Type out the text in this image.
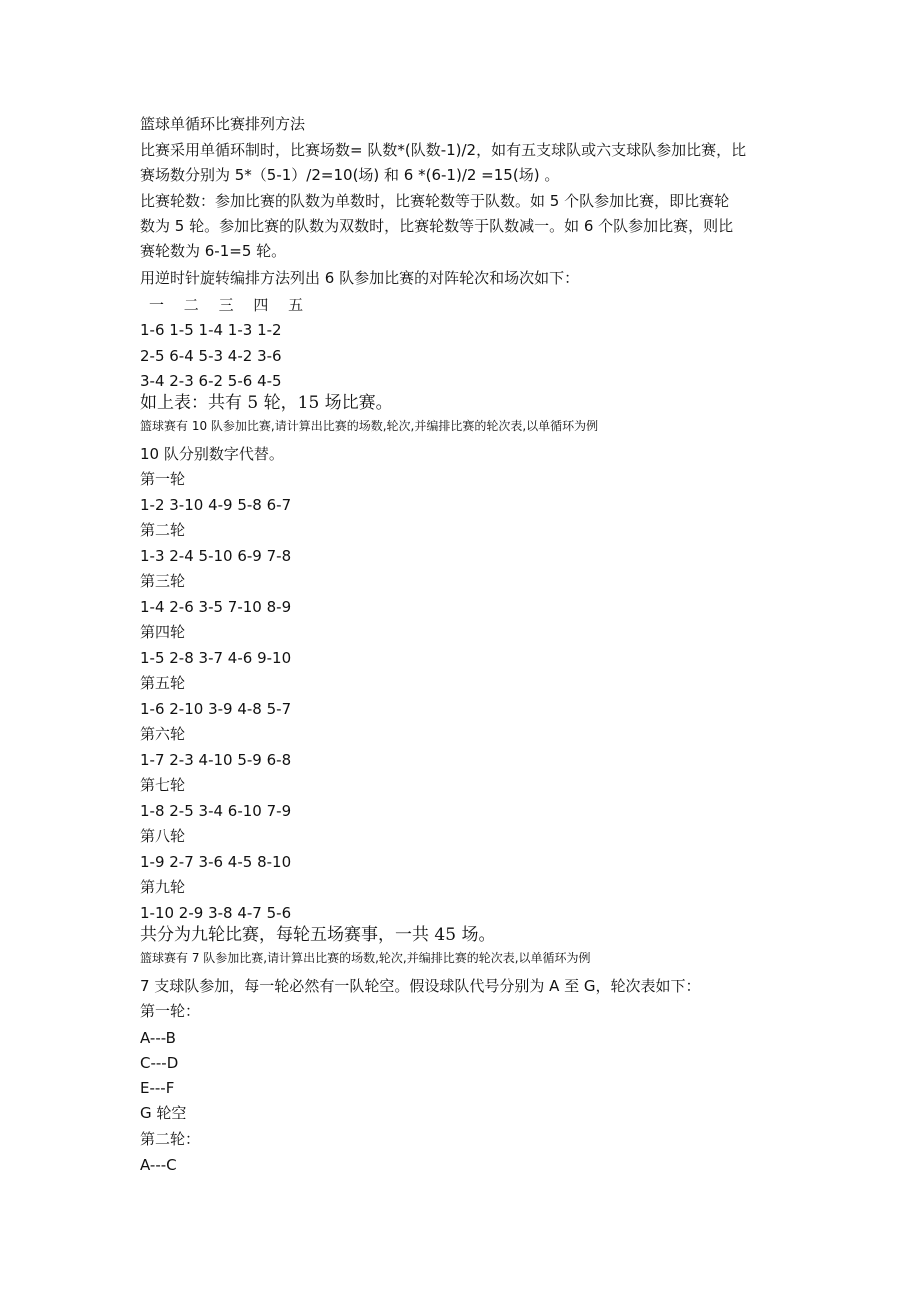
篮球单循环比赛排列方法
比赛采用单循环制时，比赛场数= 队数*(队数-1)/2，如有五支球队或六支球队参加比赛，比
赛场数分别为 5*（5-1）/2=10(场) 和 6 *(6-1)/2 =15(场) 。
比赛轮数：参加比赛的队数为单数时，比赛轮数等于队数。如 5 个队参加比赛，即比赛轮
数为 5 轮。参加比赛的队数为双数时，比赛轮数等于队数减一。如 6 个队参加比赛，则比
赛轮数为 6-1=5 轮。
用逆时针旋转编排方法列出 6 队参加比赛的对阵轮次和场次如下：
一 二 三 四 五
1-6 1-5 1-4 1-3 1-2
2-5 6-4 5-3 4-2 3-6
3-4 2-3 6-2 5-6 4-5
如上表：共有 5 轮，15 场比赛。
篮球赛有 10 队参加比赛,请计算出比赛的场数,轮次,并编排比赛的轮次表,以单循环为例
10 队分别数字代替。
第一轮
1-2 3-10 4-9 5-8 6-7
第二轮
1-3 2-4 5-10 6-9 7-8
第三轮
1-4 2-6 3-5 7-10 8-9
第四轮
1-5 2-8 3-7 4-6 9-10
第五轮
1-6 2-10 3-9 4-8 5-7
第六轮
1-7 2-3 4-10 5-9 6-8
第七轮
1-8 2-5 3-4 6-10 7-9
第八轮
1-9 2-7 3-6 4-5 8-10
第九轮
1-10 2-9 3-8 4-7 5-6
共分为九轮比赛，每轮五场赛事，一共 45 场。
篮球赛有 7 队参加比赛,请计算出比赛的场数,轮次,并编排比赛的轮次表,以单循环为例
7 支球队参加，每一轮必然有一队轮空。假设球队代号分别为 A 至 G，轮次表如下：
第一轮：
A---B
C---D
E---F
G 轮空
第二轮：
A---C
